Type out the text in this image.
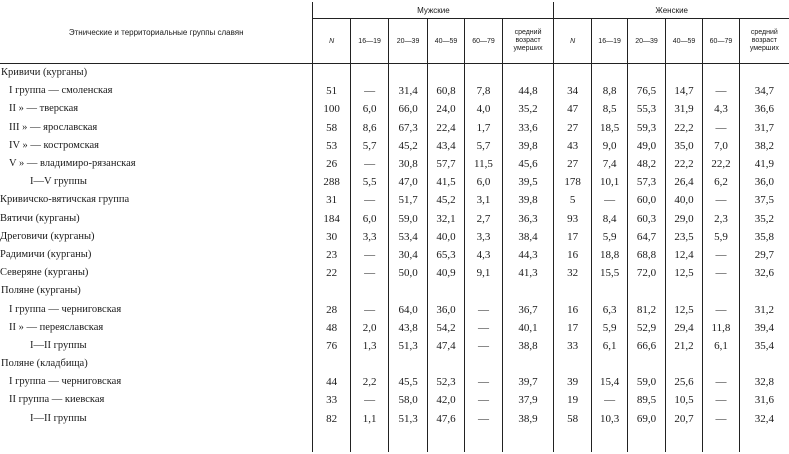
Этнические и территориальные группы славян	Мужские						Женские					
	N	16—19	20—39	40—59	60—79	средний возраст умерших	N	16—19	20—39	40—59	60—79	средний возраст умерших
Кривичи (курганы)												
I группа — смоленская	51	—	31,4	60,8	7,8	44,8	34	8,8	76,5	14,7	—	34,7
II » — тверская	100	6,0	66,0	24,0	4,0	35,2	47	8,5	55,3	31,9	4,3	36,6
III » — ярославская	58	8,6	67,3	22,4	1,7	33,6	27	18,5	59,3	22,2	—	31,7
IV » — костромская	53	5,7	45,2	43,4	5,7	39,8	43	9,0	49,0	35,0	7,0	38,2
V » — владимиро-рязанская	26	—	30,8	57,7	11,5	45,6	27	7,4	48,2	22,2	22,2	41,9
I—V группы	288	5,5	47,0	41,5	6,0	39,5	178	10,1	57,3	26,4	6,2	36,0
Кривичско-вятичская группа	31	—	51,7	45,2	3,1	39,8	5	—	60,0	40,0	—	37,5
Вятичи (курганы)	184	6,0	59,0	32,1	2,7	36,3	93	8,4	60,3	29,0	2,3	35,2
Дреговичи (курганы)	30	3,3	53,4	40,0	3,3	38,4	17	5,9	64,7	23,5	5,9	35,8
Радимичи (курганы)	23	—	30,4	65,3	4,3	44,3	16	18,8	68,8	12,4	—	29,7
Северяне (курганы)	22	—	50,0	40,9	9,1	41,3	32	15,5	72,0	12,5	—	32,6
Поляне (курганы)												
I группа — черниговская	28	—	64,0	36,0	—	36,7	16	6,3	81,2	12,5	—	31,2
II » — переяславская	48	2,0	43,8	54,2	—	40,1	17	5,9	52,9	29,4	11,8	39,4
I—II группы	76	1,3	51,3	47,4	—	38,8	33	6,1	66,6	21,2	6,1	35,4
Поляне (кладбища)												
I группа — черниговская	44	2,2	45,5	52,3	—	39,7	39	15,4	59,0	25,6	—	32,8
II группа — киевская	33	—	58,0	42,0	—	37,9	19	—	89,5	10,5	—	31,6
I—II группы	82	1,1	51,3	47,6	—	38,9	58	10,3	69,0	20,7	—	32,4
